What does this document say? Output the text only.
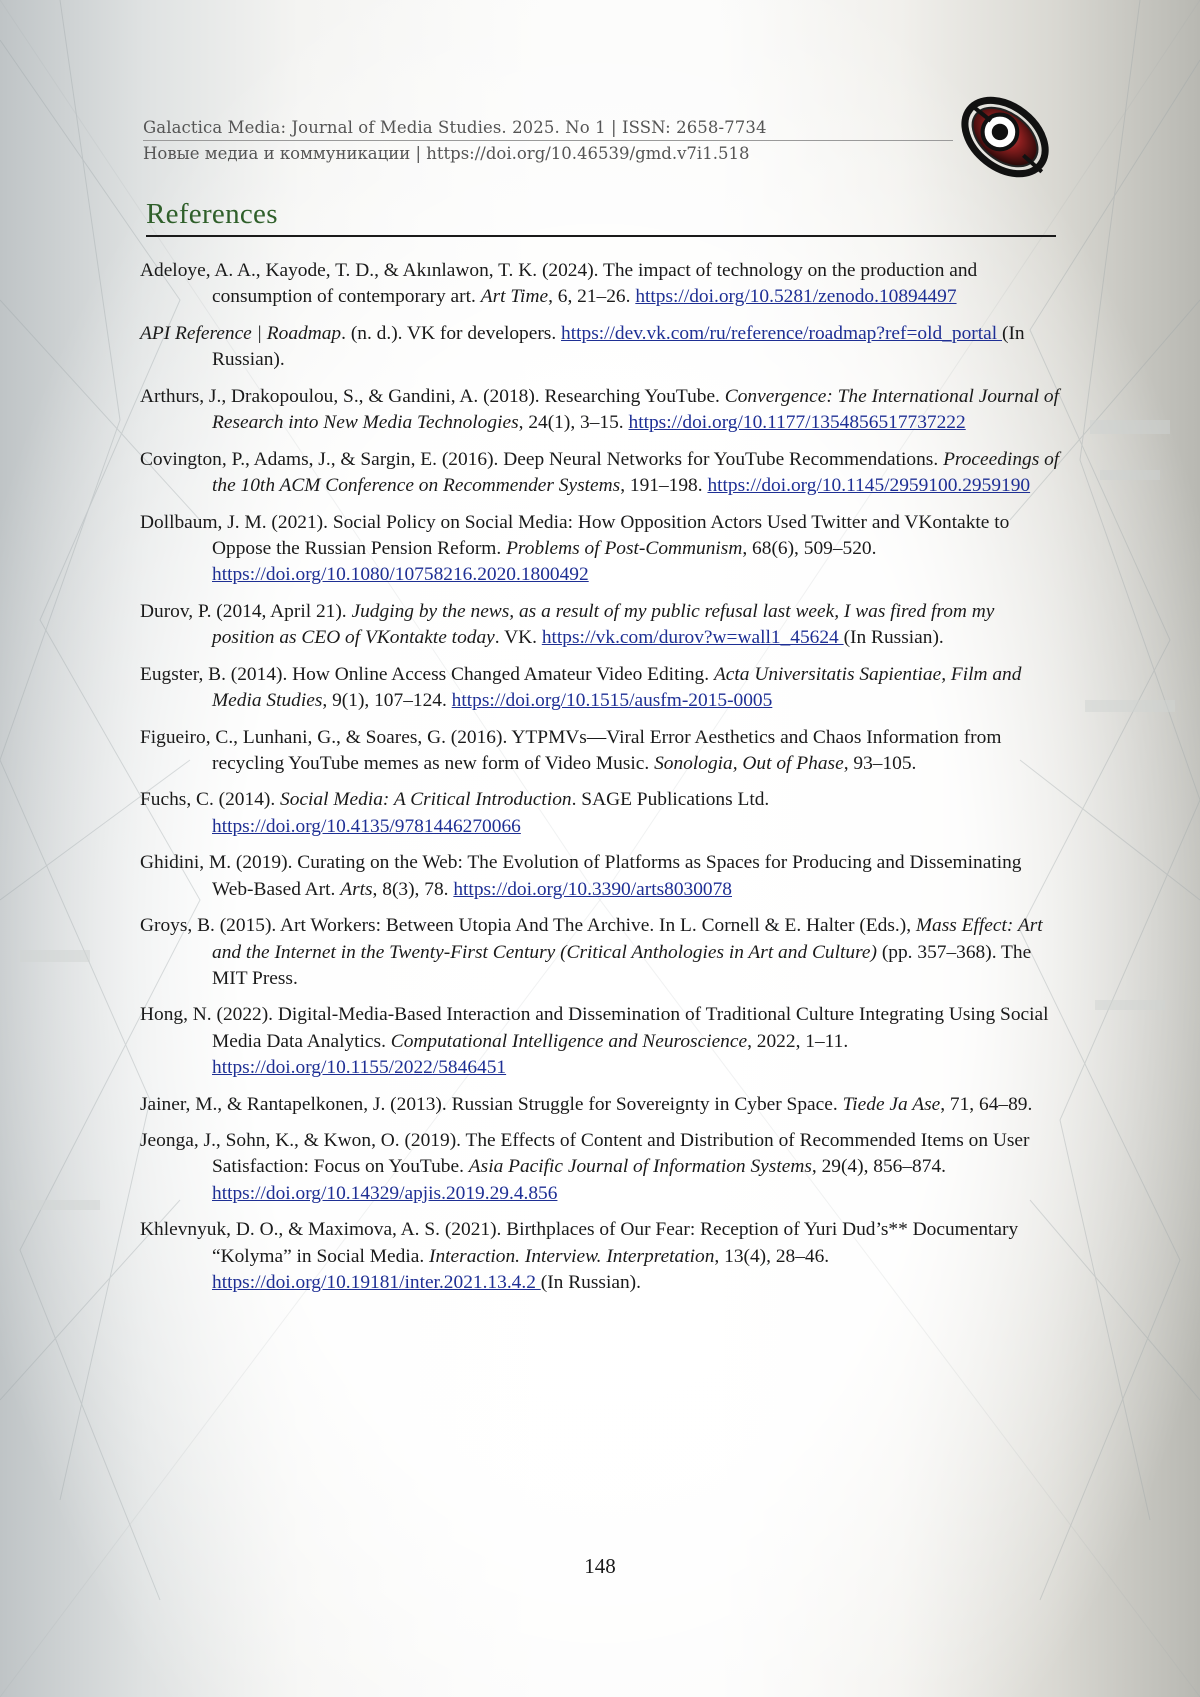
Galactica Media: Journal of Media Studies. 2025. No 1 | ISSN: 2658-7734
Новые медиа и коммуникации | https://doi.org/10.46539/gmd.v7i1.518
References
Adeloye, A. A., Kayode, T. D., & Akınlawon, T. K. (2024). The impact of technology on the production and consumption of contemporary art. Art Time, 6, 21–26. https://doi.org/10.5281/zenodo.10894497
API Reference | Roadmap. (n. d.). VK for developers. https://dev.vk.com/ru/reference/roadmap?ref=old_portal (In Russian).
Arthurs, J., Drakopoulou, S., & Gandini, A. (2018). Researching YouTube. Convergence: The International Journal of Research into New Media Technologies, 24(1), 3–15. https://doi.org/10.1177/1354856517737222
Covington, P., Adams, J., & Sargin, E. (2016). Deep Neural Networks for YouTube Recommendations. Proceedings of the 10th ACM Conference on Recommender Systems, 191–198. https://doi.org/10.1145/2959100.2959190
Dollbaum, J. M. (2021). Social Policy on Social Media: How Opposition Actors Used Twitter and VKontakte to Oppose the Russian Pension Reform. Problems of Post-Communism, 68(6), 509–520. https://doi.org/10.1080/10758216.2020.1800492
Durov, P. (2014, April 21). Judging by the news, as a result of my public refusal last week, I was fired from my position as CEO of VKontakte today. VK. https://vk.com/durov?w=wall1_45624 (In Russian).
Eugster, B. (2014). How Online Access Changed Amateur Video Editing. Acta Universitatis Sapientiae, Film and Media Studies, 9(1), 107–124. https://doi.org/10.1515/ausfm-2015-0005
Figueiro, C., Lunhani, G., & Soares, G. (2016). YTPMVs—Viral Error Aesthetics and Chaos Information from recycling YouTube memes as new form of Video Music. Sonologia, Out of Phase, 93–105.
Fuchs, C. (2014). Social Media: A Critical Introduction. SAGE Publications Ltd. https://doi.org/10.4135/9781446270066
Ghidini, M. (2019). Curating on the Web: The Evolution of Platforms as Spaces for Producing and Disseminating Web-Based Art. Arts, 8(3), 78. https://doi.org/10.3390/arts8030078
Groys, B. (2015). Art Workers: Between Utopia And The Archive. In L. Cornell & E. Halter (Eds.), Mass Effect: Art and the Internet in the Twenty-First Century (Critical Anthologies in Art and Culture) (pp. 357–368). The MIT Press.
Hong, N. (2022). Digital-Media-Based Interaction and Dissemination of Traditional Culture Integrating Using Social Media Data Analytics. Computational Intelligence and Neuroscience, 2022, 1–11. https://doi.org/10.1155/2022/5846451
Jainer, M., & Rantapelkonen, J. (2013). Russian Struggle for Sovereignty in Cyber Space. Tiede Ja Ase, 71, 64–89.
Jeonga, J., Sohn, K., & Kwon, O. (2019). The Effects of Content and Distribution of Recommended Items on User Satisfaction: Focus on YouTube. Asia Pacific Journal of Information Systems, 29(4), 856–874. https://doi.org/10.14329/apjis.2019.29.4.856
Khlevnyuk, D. O., & Maximova, A. S. (2021). Birthplaces of Our Fear: Reception of Yuri Dud’s** Documentary “Kolyma” in Social Media. Interaction. Interview. Interpretation, 13(4), 28–46. https://doi.org/10.19181/inter.2021.13.4.2 (In Russian).
148
